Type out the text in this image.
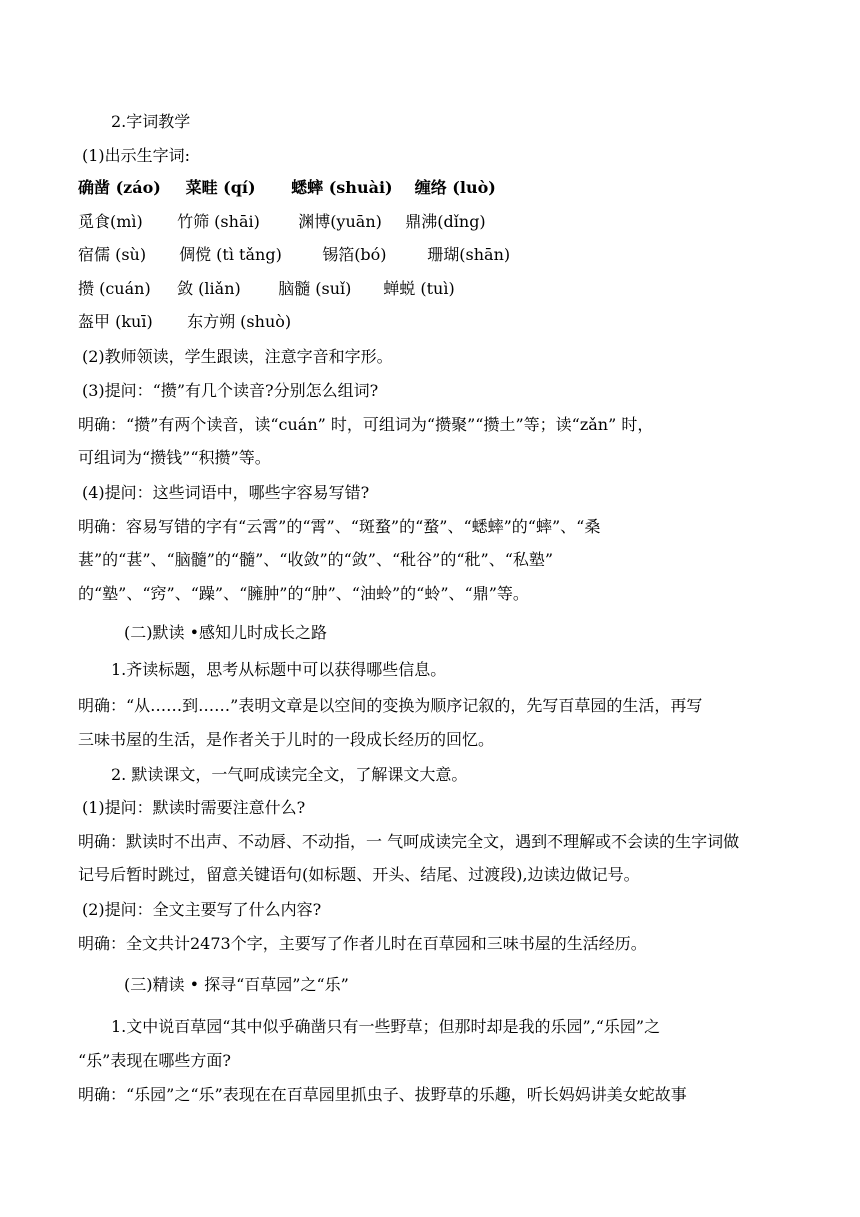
2.字词教学
(1)出示生字词:
确凿 (záo) 菜畦 (qí) 蟋蟀 (shuài) 缠络 (luò)
觅食(mì) 竹筛 (shāi) 渊博(yuān) 鼎沸(dǐng)
宿儒 (sù) 倜傥 (tì tǎng)	锡箔(bó)	珊瑚(shān)
攒 (cuán) 敛 (liǎn) 脑髓 (suǐ) 蝉蜕 (tuì)
盔甲 (kuī) 东方朔 (shuò)
(2)教师领读，学生跟读，注意字音和字形。
(3)提问：“攒”有几个读音?分别怎么组词?
明确：“攒”有两个读音，读“cuán” 时，可组词为“攒聚”“攒土”等；读“zǎn” 时，
可组词为“攒钱”“积攒”等。
(4)提问：这些词语中，哪些字容易写错?
明确：容易写错的字有“云霄”的“霄”、“斑蝥”的“蝥”、“蟋蟀”的“蟀”、“桑
葚”的“葚”、“脑髓”的“髓”、“收敛”的“敛”、“秕谷”的“秕”、“私塾”
的“塾”、“窍”、“躁”、“臃肿”的“肿”、“油蛉”的“蛉”、“鼎”等。
(二)默读 •感知儿时成长之路
1.齐读标题，思考从标题中可以获得哪些信息。
明确：“从……到……”表明文章是以空间的变换为顺序记叙的，先写百草园的生活，再写
三味书屋的生活，是作者关于儿时的一段成长经历的回忆。
2. 默读课文，一气呵成读完全文，了解课文大意。
(1)提问：默读时需要注意什么?
明确：默读时不出声、不动唇、不动指，一 气呵成读完全文，遇到不理解或不会读的生字词做
记号后暂时跳过，留意关键语句(如标题、开头、结尾、过渡段),边读边做记号。
(2)提问：全文主要写了什么内容?
明确：全文共计2473个字，主要写了作者儿时在百草园和三味书屋的生活经历。
(三)精读 • 探寻“百草园”之“乐”
1.文中说百草园“其中似乎确凿只有一些野草；但那时却是我的乐园”,“乐园”之
“乐”表现在哪些方面?
明确：“乐园”之“乐”表现在在百草园里抓虫子、拔野草的乐趣，听长妈妈讲美女蛇故事
